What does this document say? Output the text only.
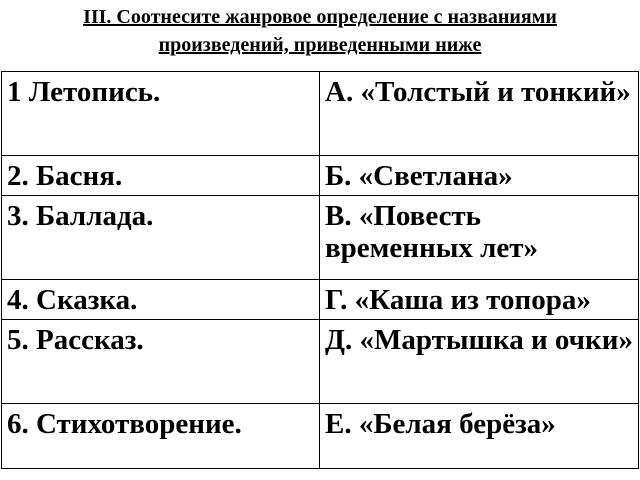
III. Соотнесите жанровое определение с названиями
произведений, приведенными ниже
1 Летопись.	А. «Толстый и тонкий»
2. Басня.	Б. «Светлана»
3. Баллада.	В. «Повесть временных лет»
4. Сказка.	Г. «Каша из топора»
5. Рассказ.	Д. «Мартышка и очки»
6. Стихотворение.	Е. «Белая берёза»
